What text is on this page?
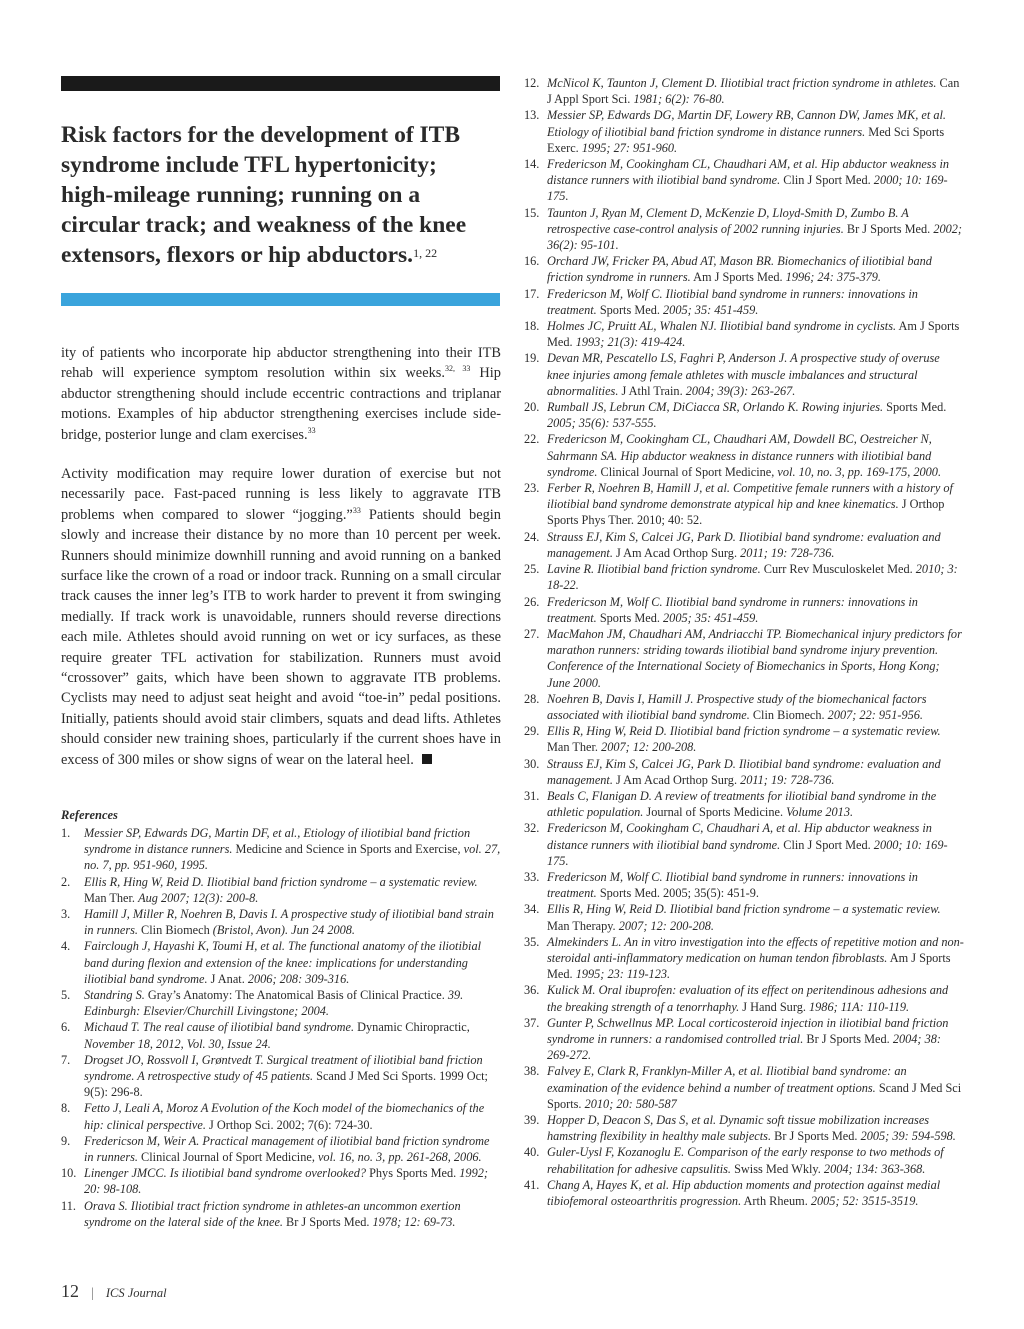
Risk factors for the development of ITB syndrome include TFL hypertonicity; high-mileage running; running on a circular track; and weakness of the knee extensors, flexors or hip abductors.$^{1, 22}$
ity of patients who incorporate hip abductor strengthening into their ITB rehab will experience symptom resolution within six weeks.$^{32, 33}$ Hip abductor strengthening should include eccentric contractions and triplanar motions. Examples of hip abductor strengthening exercises include side-bridge, posterior lunge and clam exercises.$^{33}$
Activity modification may require lower duration of exercise but not necessarily pace. Fast-paced running is less likely to aggravate ITB problems when compared to slower “jogging.”$^{33}$ Patients should begin slowly and increase their distance by no more than 10 percent per week. Runners should minimize downhill running and avoid running on a banked surface like the crown of a road or indoor track. Running on a small circular track causes the inner leg’s ITB to work harder to prevent it from swinging medially. If track work is unavoidable, runners should reverse directions each mile. Athletes should avoid running on wet or icy surfaces, as these require greater TFL activation for stabilization. Runners must avoid “crossover” gaits, which have been shown to aggravate ITB problems. Cyclists may need to adjust seat height and avoid “toe-in” pedal positions. Initially, patients should avoid stair climbers, squats and dead lifts. Athletes should consider new training shoes, particularly if the current shoes have in excess of 300 miles or show signs of wear on the lateral heel.
References
1. Messier SP, Edwards DG, Martin DF, et al., Etiology of iliotibial band friction syndrome in distance runners. Medicine and Science in Sports and Exercise, vol. 27, no. 7, pp. 951-960, 1995.
2. Ellis R, Hing W, Reid D. Iliotibial band friction syndrome – a systematic review. Man Ther. Aug 2007; 12(3): 200-8.
3. Hamill J, Miller R, Noehren B, Davis I. A prospective study of iliotibial band strain in runners. Clin Biomech (Bristol, Avon). Jun 24 2008.
4. Fairclough J, Hayashi K, Toumi H, et al. The functional anatomy of the iliotibial band during flexion and extension of the knee: implications for understanding iliotibial band syndrome. J Anat. 2006; 208: 309-316.
5. Standring S. Gray’s Anatomy: The Anatomical Basis of Clinical Practice. 39. Edinburgh: Elsevier/Churchill Livingstone; 2004.
6. Michaud T. The real cause of iliotibial band syndrome. Dynamic Chiropractic, November 18, 2012, Vol. 30, Issue 24.
7. Drogset JO, Rossvoll I, Grøntvedt T. Surgical treatment of iliotibial band friction syndrome. A retrospective study of 45 patients. Scand J Med Sci Sports. 1999 Oct; 9(5): 296-8.
8. Fetto J, Leali A, Moroz A Evolution of the Koch model of the biomechanics of the hip: clinical perspective. J Orthop Sci. 2002; 7(6): 724-30.
9. Fredericson M, Weir A. Practical management of iliotibial band friction syndrome in runners. Clinical Journal of Sport Medicine, vol. 16, no. 3, pp. 261-268, 2006.
10. Linenger JMCC. Is iliotibial band syndrome overlooked? Phys Sports Med. 1992; 20: 98-108.
11. Orava S. Iliotibial tract friction syndrome in athletes-an uncommon exertion syndrome on the lateral side of the knee. Br J Sports Med. 1978; 12: 69-73.
12. McNicol K, Taunton J, Clement D. Iliotibial tract friction syndrome in athletes. Can J Appl Sport Sci. 1981; 6(2): 76-80.
13. Messier SP, Edwards DG, Martin DF, Lowery RB, Cannon DW, James MK, et al. Etiology of iliotibial band friction syndrome in distance runners. Med Sci Sports Exerc. 1995; 27: 951-960.
14. Fredericson M, Cookingham CL, Chaudhari AM, et al. Hip abductor weakness in distance runners with iliotibial band syndrome. Clin J Sport Med. 2000; 10: 169-175.
15. Taunton J, Ryan M, Clement D, McKenzie D, Lloyd-Smith D, Zumbo B. A retrospective case-control analysis of 2002 running injuries. Br J Sports Med. 2002; 36(2): 95-101.
16. Orchard JW, Fricker PA, Abud AT, Mason BR. Biomechanics of iliotibial band friction syndrome in runners. Am J Sports Med. 1996; 24: 375-379.
17. Fredericson M, Wolf C. Iliotibial band syndrome in runners: innovations in treatment. Sports Med. 2005; 35: 451-459.
18. Holmes JC, Pruitt AL, Whalen NJ. Iliotibial band syndrome in cyclists. Am J Sports Med. 1993; 21(3): 419-424.
19. Devan MR, Pescatello LS, Faghri P, Anderson J. A prospective study of overuse knee injuries among female athletes with muscle imbalances and structural abnormalities. J Athl Train. 2004; 39(3): 263-267.
20. Rumball JS, Lebrun CM, DiCiacca SR, Orlando K. Rowing injuries. Sports Med. 2005; 35(6): 537-555.
22. Fredericson M, Cookingham CL, Chaudhari AM, Dowdell BC, Oestreicher N, Sahrmann SA. Hip abductor weakness in distance runners with iliotibial band syndrome. Clinical Journal of Sport Medicine, vol. 10, no. 3, pp. 169-175, 2000.
23. Ferber R, Noehren B, Hamill J, et al. Competitive female runners with a history of iliotibial band syndrome demonstrate atypical hip and knee kinematics. J Orthop Sports Phys Ther. 2010; 40: 52.
24. Strauss EJ, Kim S, Calcei JG, Park D. Iliotibial band syndrome: evaluation and management. J Am Acad Orthop Surg. 2011; 19: 728-736.
25. Lavine R. Iliotibial band friction syndrome. Curr Rev Musculoskelet Med. 2010; 3: 18-22.
26. Fredericson M, Wolf C. Iliotibial band syndrome in runners: innovations in treatment. Sports Med. 2005; 35: 451-459.
27. MacMahon JM, Chaudhari AM, Andriacchi TP. Biomechanical injury predictors for marathon runners: striding towards iliotibial band syndrome injury prevention. Conference of the International Society of Biomechanics in Sports, Hong Kong; June 2000.
28. Noehren B, Davis I, Hamill J. Prospective study of the biomechanical factors associated with iliotibial band syndrome. Clin Biomech. 2007; 22: 951-956.
29. Ellis R, Hing W, Reid D. Iliotibial band friction syndrome – a systematic review. Man Ther. 2007; 12: 200-208.
30. Strauss EJ, Kim S, Calcei JG, Park D. Iliotibial band syndrome: evaluation and management. J Am Acad Orthop Surg. 2011; 19: 728-736.
31. Beals C, Flanigan D. A review of treatments for iliotibial band syndrome in the athletic population. Journal of Sports Medicine. Volume 2013.
32. Fredericson M, Cookingham C, Chaudhari A, et al. Hip abductor weakness in distance runners with iliotibial band syndrome. Clin J Sport Med. 2000; 10: 169-175.
33. Fredericson M, Wolf C. Iliotibial band syndrome in runners: innovations in treatment. Sports Med. 2005; 35(5): 451-9.
34. Ellis R, Hing W, Reid D. Iliotibial band friction syndrome – a systematic review. Man Therapy. 2007; 12: 200-208.
35. Almekinders L. An in vitro investigation into the effects of repetitive motion and non-steroidal anti-inflammatory medication on human tendon fibroblasts. Am J Sports Med. 1995; 23: 119-123.
36. Kulick M. Oral ibuprofen: evaluation of its effect on peritendinous adhesions and the breaking strength of a tenorrhaphy. J Hand Surg. 1986; 11A: 110-119.
37. Gunter P, Schwellnus MP. Local corticosteroid injection in iliotibial band friction syndrome in runners: a randomised controlled trial. Br J Sports Med. 2004; 38: 269-272.
38. Falvey E, Clark R, Franklyn-Miller A, et al. Iliotibial band syndrome: an examination of the evidence behind a number of treatment options. Scand J Med Sci Sports. 2010; 20: 580-587
39. Hopper D, Deacon S, Das S, et al. Dynamic soft tissue mobilization increases hamstring flexibility in healthy male subjects. Br J Sports Med. 2005; 39: 594-598.
40. Guler-Uysl F, Kozanoglu E. Comparison of the early response to two methods of rehabilitation for adhesive capsulitis. Swiss Med Wkly. 2004; 134: 363-368.
41. Chang A, Hayes K, et al. Hip abduction moments and protection against medial tibiofemoral osteoarthritis progression. Arth Rheum. 2005; 52: 3515-3519.
12 | ICS Journal
